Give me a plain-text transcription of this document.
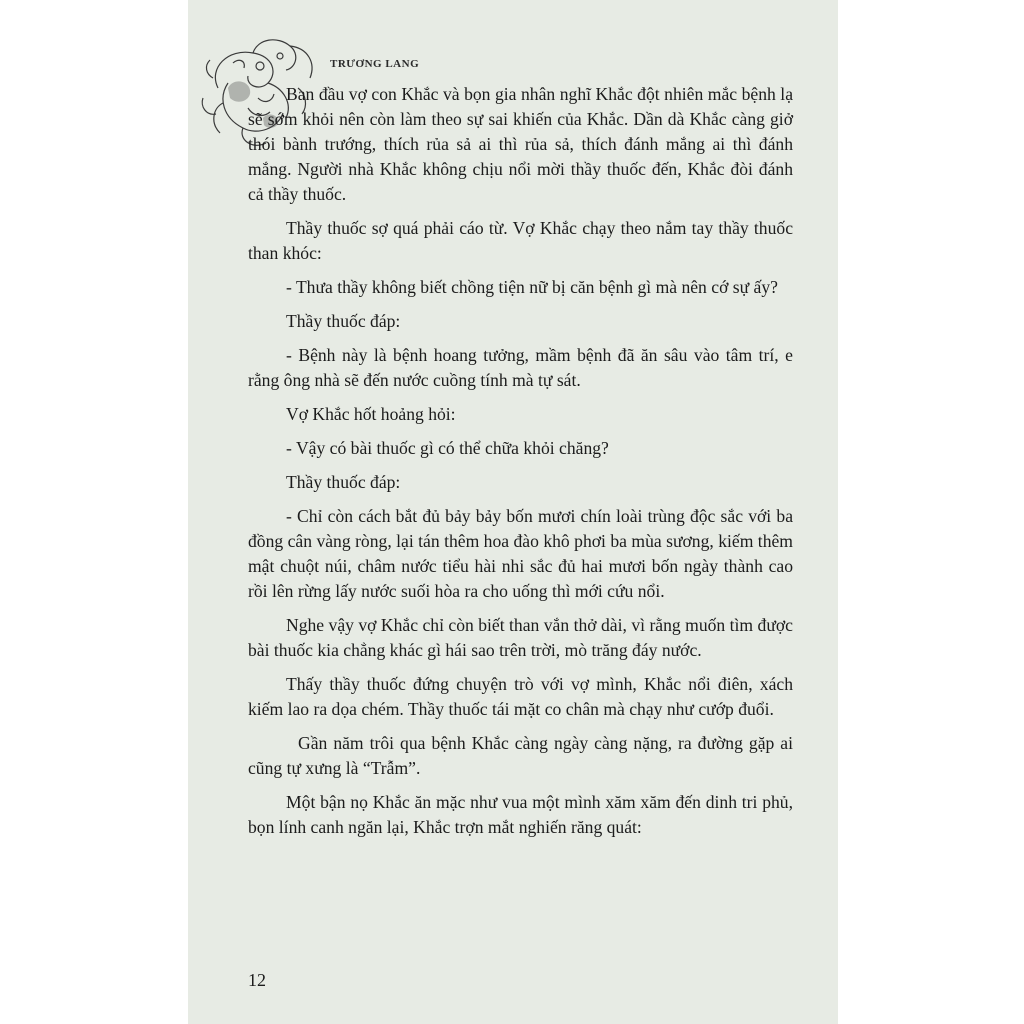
TRƯƠNG LANG

Ban đầu vợ con Khắc và bọn gia nhân nghĩ Khắc đột nhiên mắc bệnh lạ sẽ sớm khỏi nên còn làm theo sự sai khiến của Khắc. Dần dà Khắc càng giở thói bành trướng, thích rủa sả ai thì rủa sả, thích đánh mắng ai thì đánh mắng. Người nhà Khắc không chịu nổi mời thầy thuốc đến, Khắc đòi đánh cả thầy thuốc.

Thầy thuốc sợ quá phải cáo từ. Vợ Khắc chạy theo nắm tay thầy thuốc than khóc:

- Thưa thầy không biết chồng tiện nữ bị căn bệnh gì mà nên cớ sự ấy?

Thầy thuốc đáp:

- Bệnh này là bệnh hoang tưởng, mầm bệnh đã ăn sâu vào tâm trí, e rằng ông nhà sẽ đến nước cuồng tính mà tự sát.

Vợ Khắc hốt hoảng hỏi:

- Vậy có bài thuốc gì có thể chữa khỏi chăng?

Thầy thuốc đáp:

- Chỉ còn cách bắt đủ bảy bảy bốn mươi chín loài trùng độc sắc với ba đồng cân vàng ròng, lại tán thêm hoa đào khô phơi ba mùa sương, kiếm thêm mật chuột núi, châm nước tiểu hài nhi sắc đủ hai mươi bốn ngày thành cao rồi lên rừng lấy nước suối hòa ra cho uống thì mới cứu nổi.

Nghe vậy vợ Khắc chỉ còn biết than vắn thở dài, vì rằng muốn tìm được bài thuốc kia chẳng khác gì hái sao trên trời, mò trăng đáy nước.

Thấy thầy thuốc đứng chuyện trò với vợ mình, Khắc nổi điên, xách kiếm lao ra dọa chém. Thầy thuốc tái mặt co chân mà chạy như cướp đuổi.

Gần năm trôi qua bệnh Khắc càng ngày càng nặng, ra đường gặp ai cũng tự xưng là “Trẫm”.

Một bận nọ Khắc ăn mặc như vua một mình xăm xăm đến dinh tri phủ, bọn lính canh ngăn lại, Khắc trợn mắt nghiến răng quát:

12
